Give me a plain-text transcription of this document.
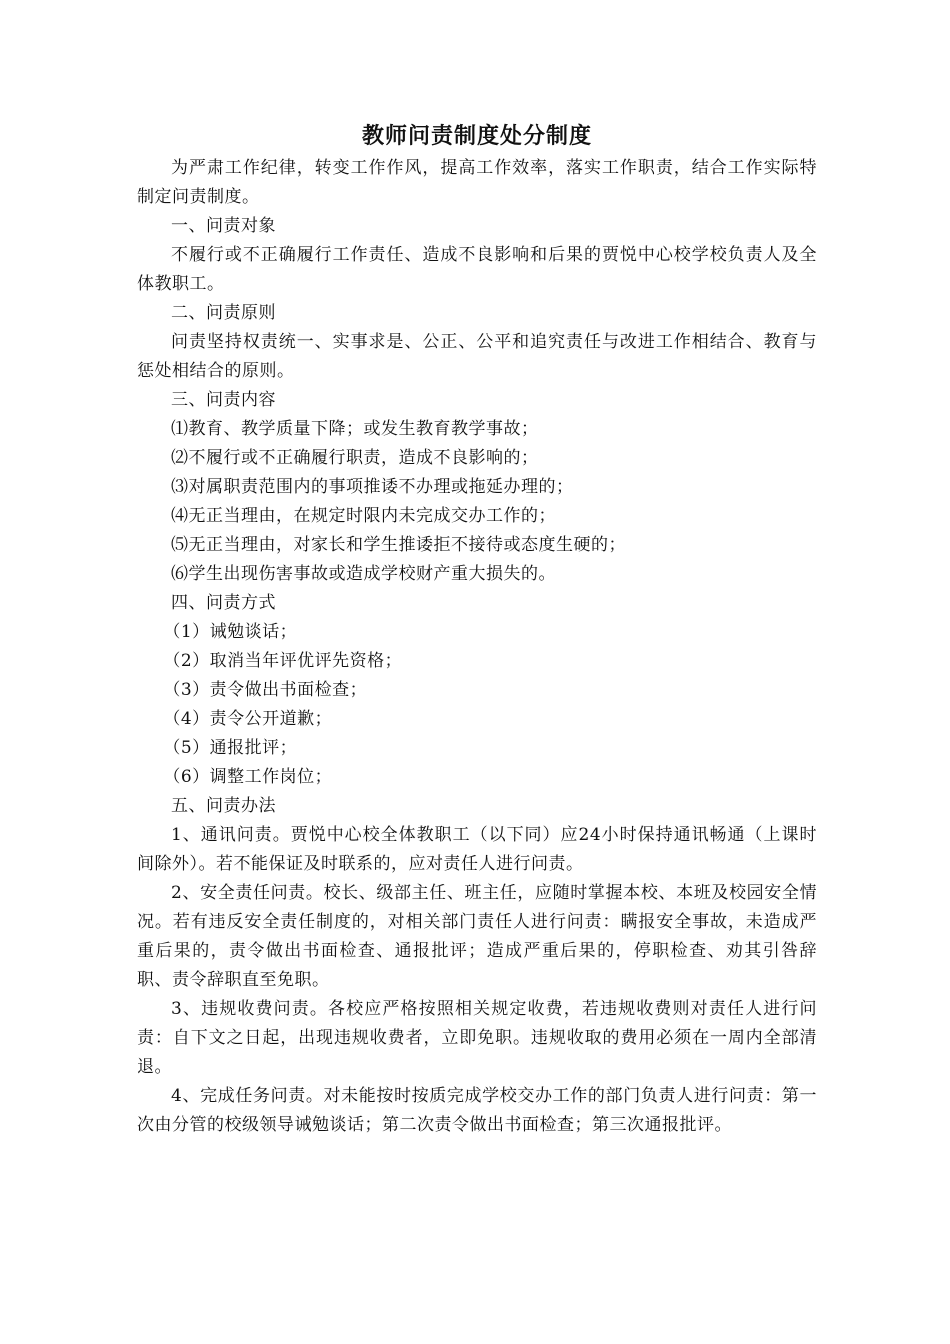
教师问责制度处分制度

为严肃工作纪律，转变工作作风，提高工作效率，落实工作职责，结合工作实际特制定问责制度。

一、问责对象

不履行或不正确履行工作责任、造成不良影响和后果的贾悦中心校学校负责人及全体教职工。

二、问责原则

问责坚持权责统一、实事求是、公正、公平和追究责任与改进工作相结合、教育与惩处相结合的原则。

三、问责内容

⑴教育、教学质量下降；或发生教育教学事故；

⑵不履行或不正确履行职责，造成不良影响的；

⑶对属职责范围内的事项推诿不办理或拖延办理的；

⑷无正当理由，在规定时限内未完成交办工作的；

⑸无正当理由，对家长和学生推诿拒不接待或态度生硬的；

⑹学生出现伤害事故或造成学校财产重大损失的。

四、问责方式

（1）诫勉谈话；

（2）取消当年评优评先资格；

（3）责令做出书面检查；

（4）责令公开道歉；

（5）通报批评；

（6）调整工作岗位；

五、问责办法

1、通讯问责。贾悦中心校全体教职工（以下同）应24小时保持通讯畅通（上课时间除外）。若不能保证及时联系的，应对责任人进行问责。

2、安全责任问责。校长、级部主任、班主任，应随时掌握本校、本班及校园安全情况。若有违反安全责任制度的，对相关部门责任人进行问责：瞒报安全事故，未造成严重后果的，责令做出书面检查、通报批评；造成严重后果的，停职检查、劝其引咎辞职、责令辞职直至免职。

3、违规收费问责。各校应严格按照相关规定收费，若违规收费则对责任人进行问责：自下文之日起，出现违规收费者，立即免职。违规收取的费用必须在一周内全部清退。

4、完成任务问责。对未能按时按质完成学校交办工作的部门负责人进行问责：第一次由分管的校级领导诫勉谈话；第二次责令做出书面检查；第三次通报批评。
